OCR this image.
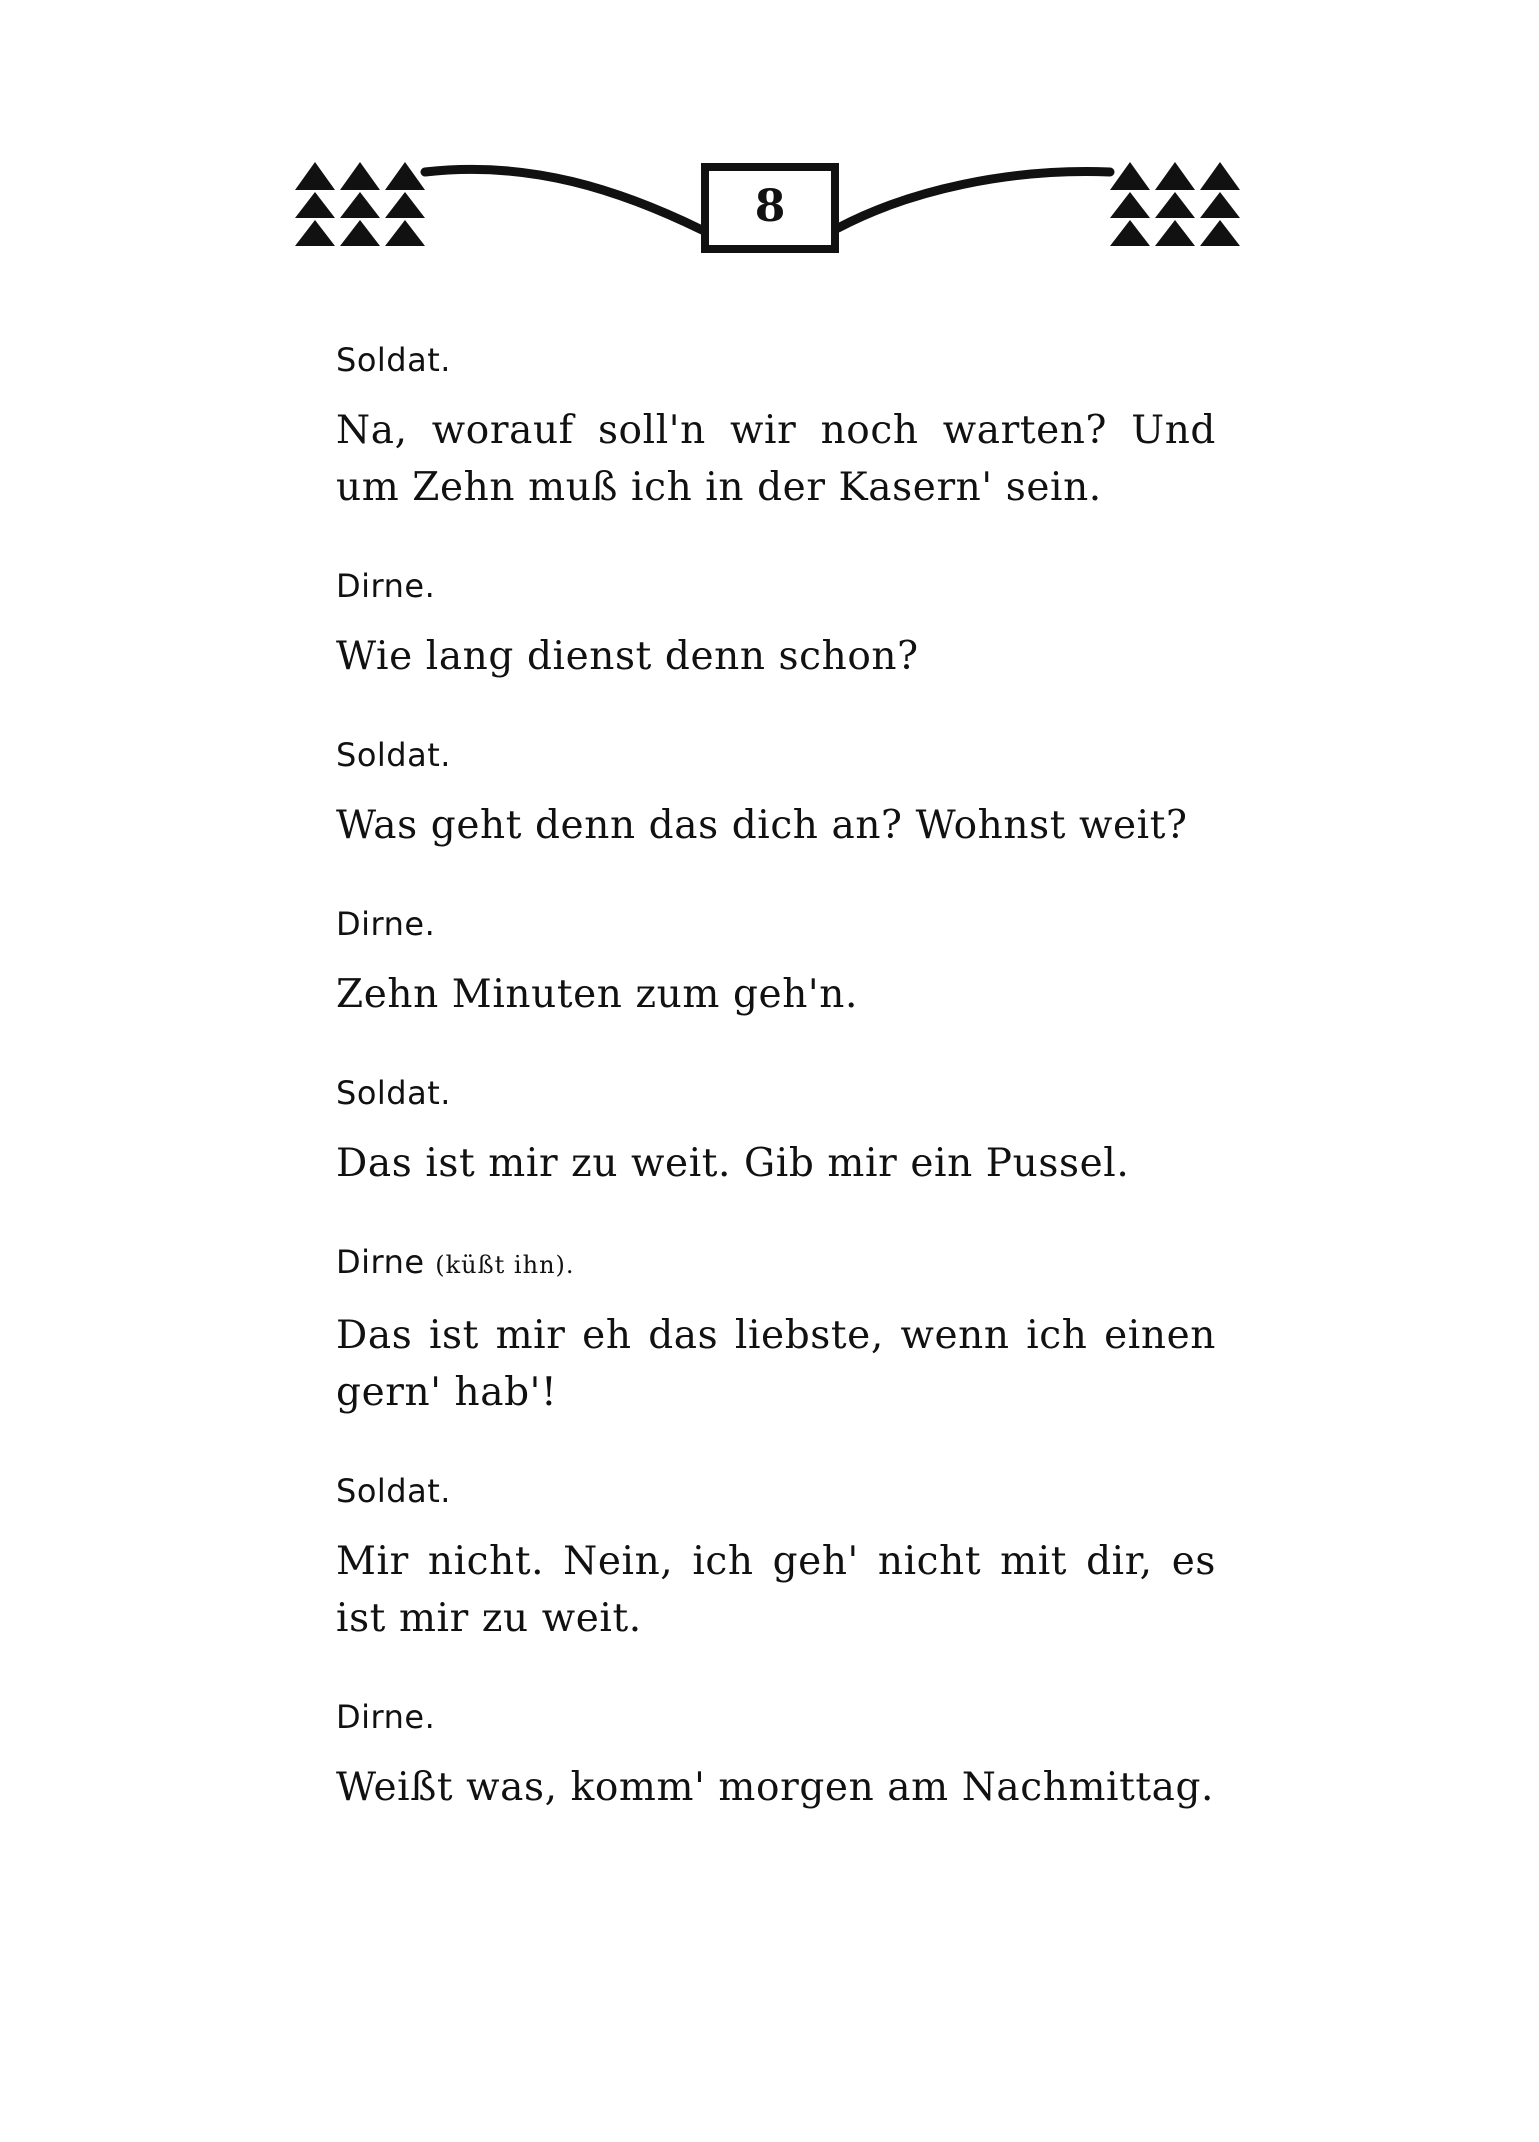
8

Soldat.

Na, worauf soll'n wir noch warten? Und um Zehn muß ich in der Kasern' sein.

Dirne.

Wie lang dienst denn schon?

Soldat.

Was geht denn das dich an? Wohnst weit?

Dirne.

Zehn Minuten zum geh'n.

Soldat.

Das ist mir zu weit. Gib mir ein Pussel.

Dirne (küßt ihn).

Das ist mir eh das liebste, wenn ich einen gern' hab'!

Soldat.

Mir nicht. Nein, ich geh' nicht mit dir, es ist mir zu weit.

Dirne.

Weißt was, komm' morgen am Nachmittag.
